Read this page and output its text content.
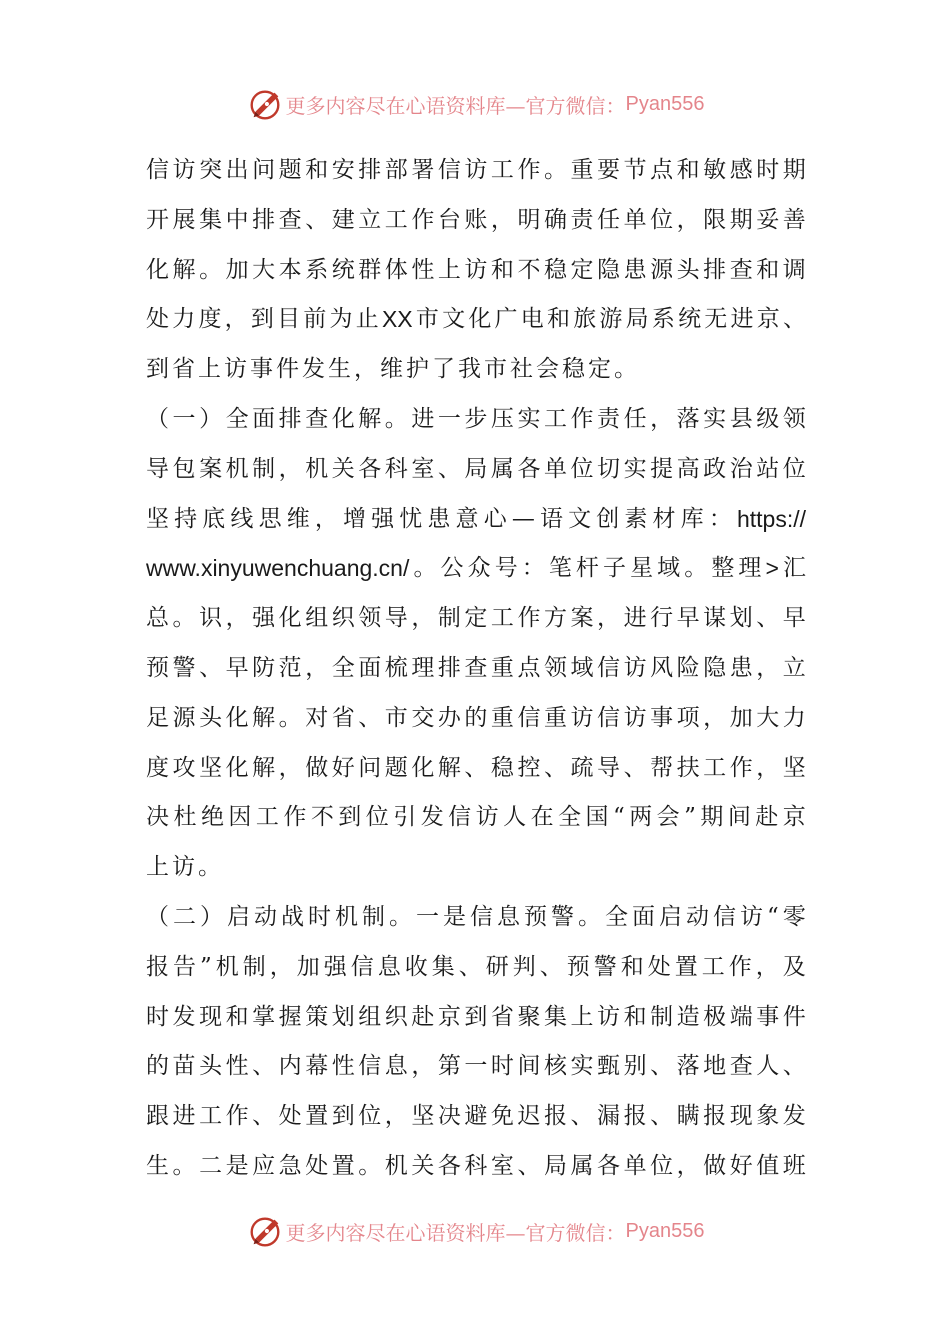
更多内容尽在心语资料库—官方微信： Pyan556
信 访 突 出 问 题 和 安 排 部 署 信 访 工 作 。 重 要 节 点 和 敏 感 时 期
开 展 集 中 排 查 、 建 立 工 作 台 账 ， 明 确 责 任 单 位 ， 限 期 妥 善
化 解 。 加 大 本 系 统 群 体 性 上 访 和 不 稳 定 隐 患 源 头 排 查 和 调
处 力 度 ， 到 目 前 为 止 XX 市 文 化 广 电 和 旅 游 局 系 统 无 进 京 、
到 省 上 访 事 件 发 生 ， 维 护 了 我 市 社 会 稳 定 。
（ 一 ） 全 面 排 查 化 解 。 进 一 步 压 实 工 作 责 任 ， 落 实 县 级 领
导 包 案 机 制 ， 机 关 各 科 室 、 局 属 各 单 位 切 实 提 高 政 治 站 位
坚 持 底 线 思 维 ， 增 强 忧 患 意 心 — 语 文 创 素 材 库 ： https://
www.xinyuwenchuang.cn/ 。 公 众 号 ： 笔 杆 子 星 域 。 整 理 > 汇
总 。 识 ， 强 化 组 织 领 导 ， 制 定 工 作 方 案 ， 进 行 早 谋 划 、 早
预 警 、 早 防 范 ， 全 面 梳 理 排 查 重 点 领 域 信 访 风 险 隐 患 ， 立
足 源 头 化 解 。 对 省 、 市 交 办 的 重 信 重 访 信 访 事 项 ， 加 大 力
度 攻 坚 化 解 ， 做 好 问 题 化 解 、 稳 控 、 疏 导 、 帮 扶 工 作 ， 坚
决 杜 绝 因 工 作 不 到 位 引 发 信 访 人 在 全 国 “ 两 会 ” 期 间 赴 京
上 访 。
（ 二 ） 启 动 战 时 机 制 。 一 是 信 息 预 警 。 全 面 启 动 信 访 “ 零
报 告 ” 机 制 ， 加 强 信 息 收 集 、 研 判 、 预 警 和 处 置 工 作 ， 及
时 发 现 和 掌 握 策 划 组 织 赴 京 到 省 聚 集 上 访 和 制 造 极 端 事 件
的 苗 头 性 、 内 幕 性 信 息 ， 第 一 时 间 核 实 甄 别 、 落 地 查 人 、
跟 进 工 作 、 处 置 到 位 ， 坚 决 避 免 迟 报 、 漏 报 、 瞒 报 现 象 发
生 。 二 是 应 急 处 置 。 机 关 各 科 室 、 局 属 各 单 位 ， 做 好 值 班
更多内容尽在心语资料库—官方微信： Pyan556
